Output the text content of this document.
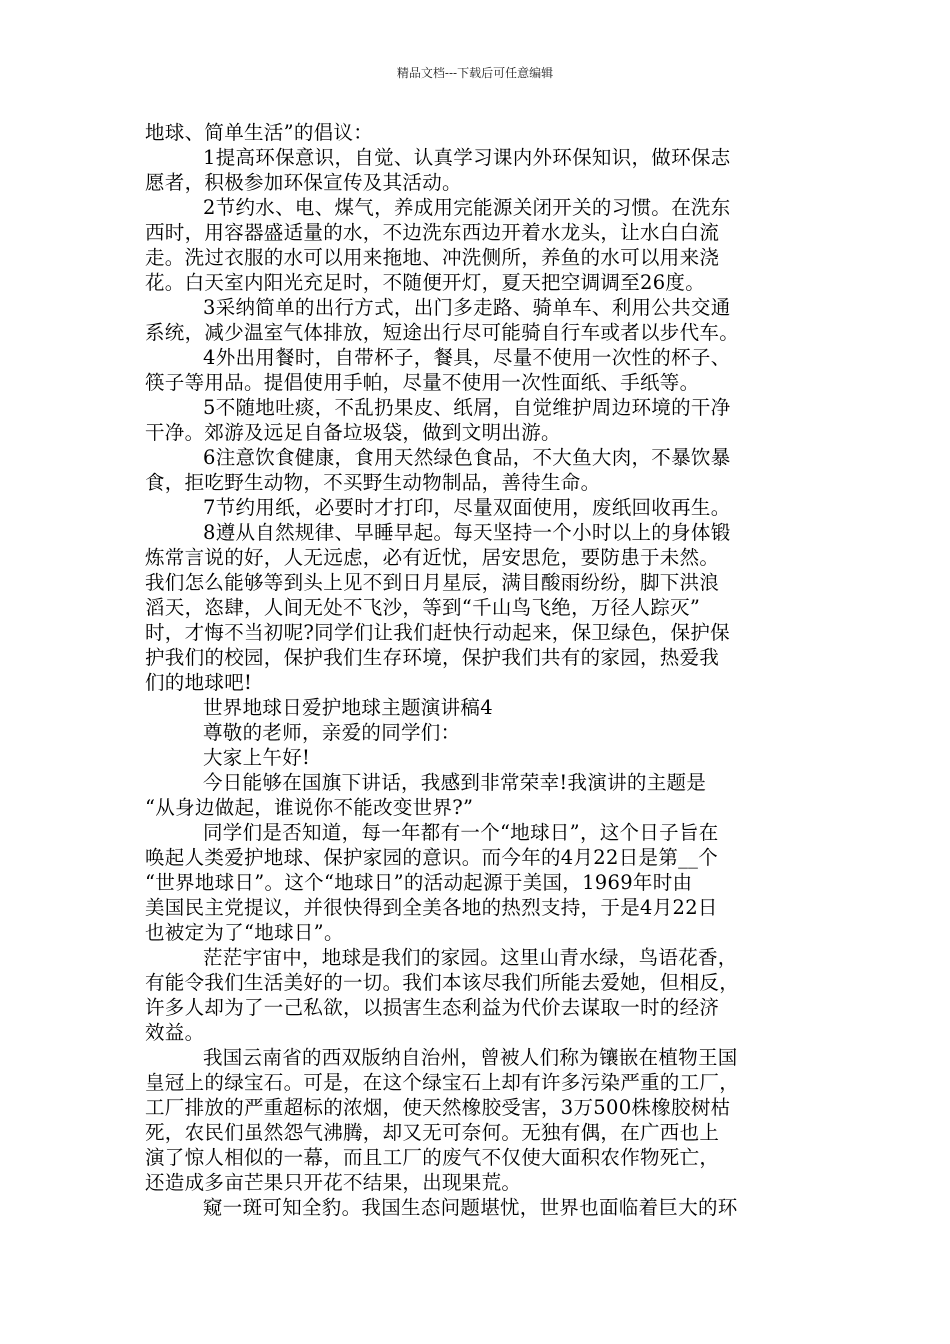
精品文档---下载后可任意编辑

地球、简单生活”的倡议：

1提高环保意识，自觉、认真学习课内外环保知识，做环保志

愿者，积极参加环保宣传及其活动。

2节约水、电、煤气，养成用完能源关闭开关的习惯。在洗东

西时，用容器盛适量的水，不边洗东西边开着水龙头，让水白白流

走。洗过衣服的水可以用来拖地、冲洗侧所，养鱼的水可以用来浇

花。白天室内阳光充足时，不随便开灯，夏天把空调调至26度。

3采纳简单的出行方式，出门多走路、骑单车、利用公共交通

系统，减少温室气体排放，短途出行尽可能骑自行车或者以步代车。

4外出用餐时，自带杯子，餐具，尽量不使用一次性的杯子、

筷子等用品。提倡使用手帕，尽量不使用一次性面纸、手纸等。

5不随地吐痰，不乱扔果皮、纸屑，自觉维护周边环境的干净

干净。郊游及远足自备垃圾袋，做到文明出游。

6注意饮食健康，食用天然绿色食品，不大鱼大肉，不暴饮暴

食，拒吃野生动物，不买野生动物制品，善待生命。

7节约用纸，必要时才打印，尽量双面使用，废纸回收再生。

8遵从自然规律、早睡早起。每天坚持一个小时以上的身体锻

炼常言说的好，人无远虑，必有近忧，居安思危，要防患于未然。

我们怎么能够等到头上见不到日月星辰，满目酸雨纷纷，脚下洪浪

滔天，恣肆，人间无处不飞沙，等到“千山鸟飞绝，万径人踪灭”

时，才悔不当初呢?同学们让我们赶快行动起来，保卫绿色，保护保

护我们的校园，保护我们生存环境，保护我们共有的家园，热爱我

们的地球吧!

世界地球日爱护地球主题演讲稿4

尊敬的老师，亲爱的同学们：

大家上午好!

今日能够在国旗下讲话，我感到非常荣幸!我演讲的主题是

“从身边做起，谁说你不能改变世界?”

同学们是否知道，每一年都有一个“地球日”，这个日子旨在

唤起人类爱护地球、保护家园的意识。而今年的4月22日是第__个

“世界地球日”。这个“地球日”的活动起源于美国，1969年时由

美国民主党提议，并很快得到全美各地的热烈支持，于是4月22日

也被定为了“地球日”。

茫茫宇宙中，地球是我们的家园。这里山青水绿，鸟语花香，

有能令我们生活美好的一切。我们本该尽我们所能去爱她，但相反，

许多人却为了一己私欲，以损害生态利益为代价去谋取一时的经济

效益。

我国云南省的西双版纳自治州，曾被人们称为镶嵌在植物王国

皇冠上的绿宝石。可是，在这个绿宝石上却有许多污染严重的工厂，

工厂排放的严重超标的浓烟，使天然橡胶受害，3万500株橡胶树枯

死，农民们虽然怨气沸腾，却又无可奈何。无独有偶，在广西也上

演了惊人相似的一幕，而且工厂的废气不仅使大面积农作物死亡，

还造成多亩芒果只开花不结果，出现果荒。

窥一斑可知全豹。我国生态问题堪忧，世界也面临着巨大的环
